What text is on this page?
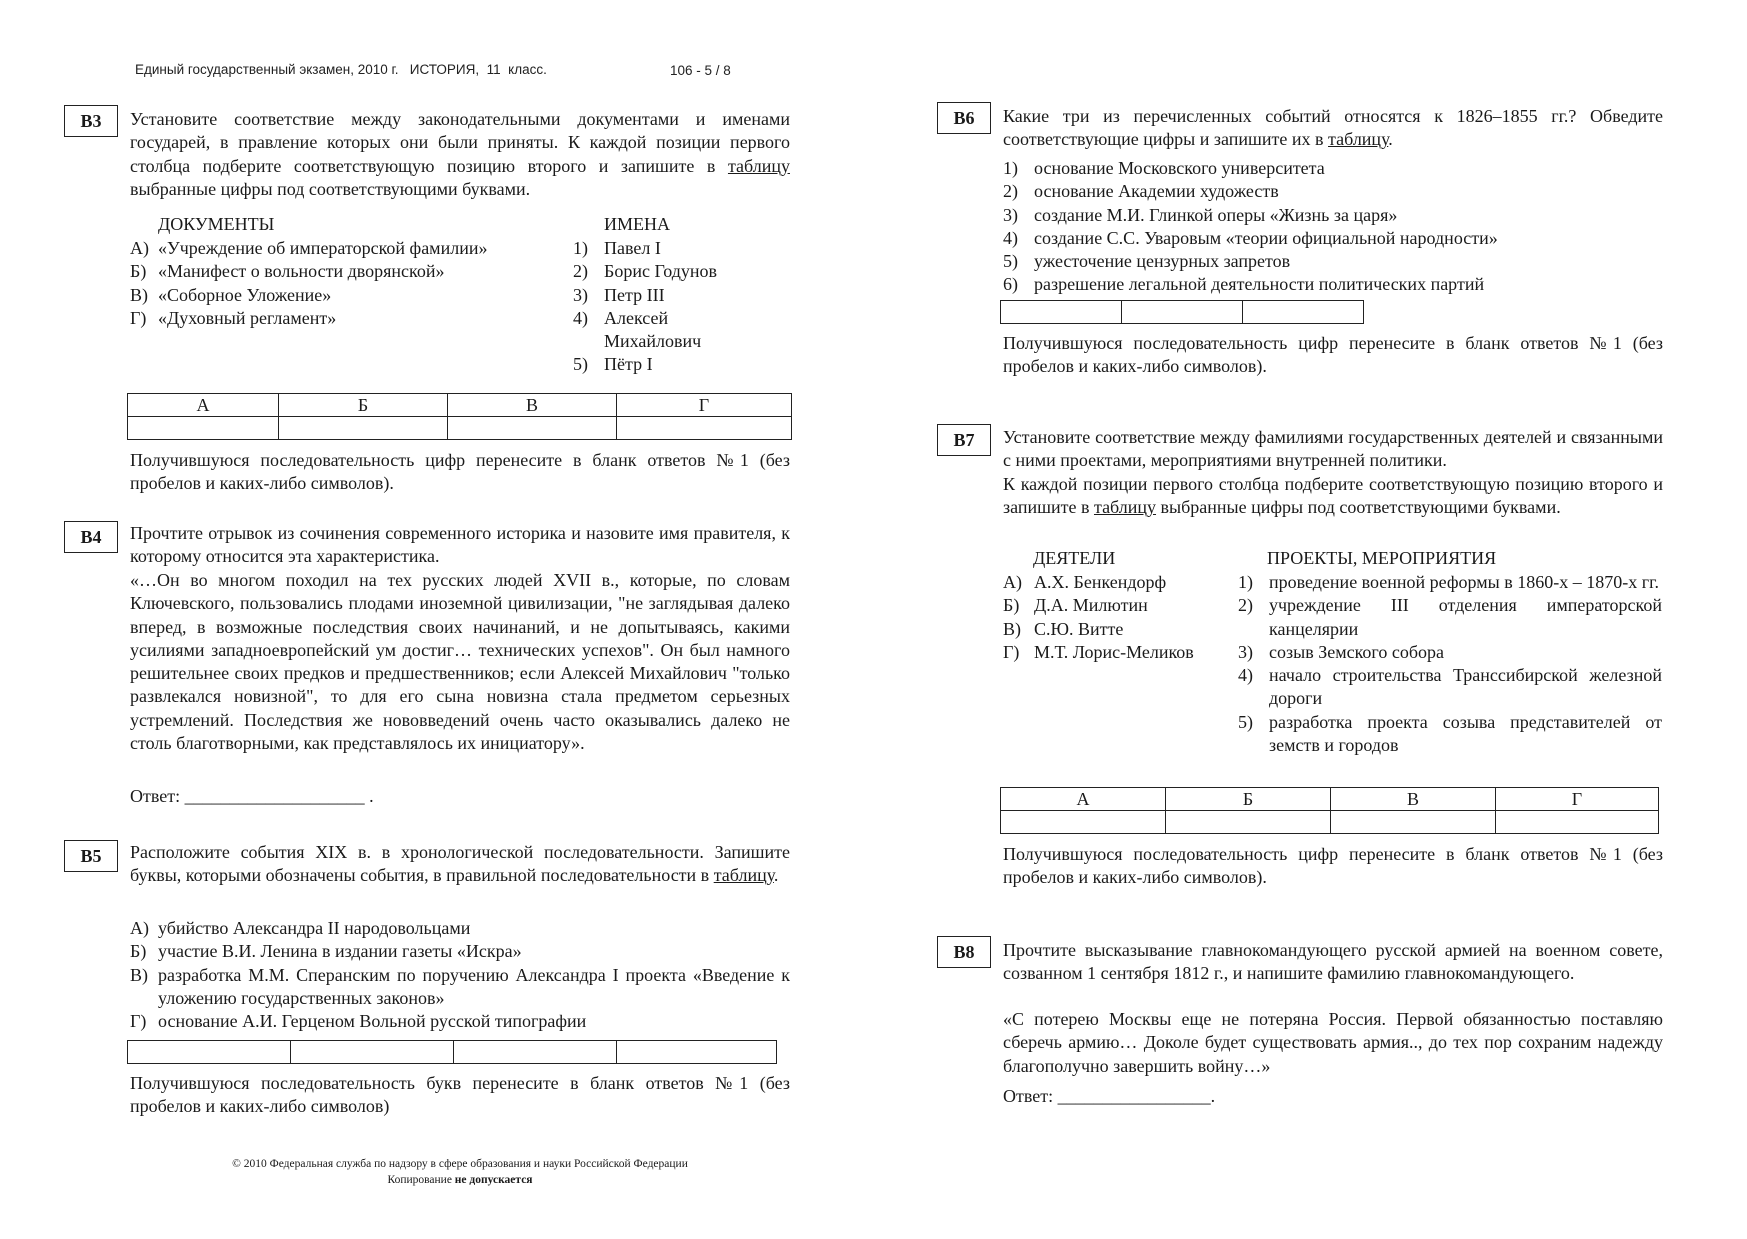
Единый государственный экзамен, 2010 г.   ИСТОРИЯ,  11  класс.	106 - 5 / 8
B3	Установите соответствие между законодательными документами и именами государей, в правление которых они были приняты. К каждой позиции первого столбца подберите соответствующую позицию второго и запишите в таблицу выбранные цифры под соответствующими буквами.
ДОКУМЕНТЫ	ИМЕНА
А) «Учреждение об императорской фамилии»
Б) «Манифест о вольности дворянской»
В) «Соборное Уложение»
Г) «Духовный регламент»
1) Павел I
2) Борис Годунов
3) Петр III
4) Алексей Михайлович
5) Пётр I
А	Б	В	Г

Получившуюся последовательность цифр перенесите в бланк ответов №1 (без пробелов и каких-либо символов).
B4	Прочтите отрывок из сочинения современного историка и назовите имя правителя, к которому относится эта характеристика.
«…Он во многом походил на тех русских людей XVII в., которые, по словам Ключевского, пользовались плодами иноземной цивилизации, "не заглядывая далеко вперед, в возможные последствия своих начинаний, и не допытываясь, какими усилиями западноевропейский ум достиг… технических успехов". Он был намного решительнее своих предков и предшественников; если Алексей Михайлович "только развлекался новизной", то для его сына новизна стала предметом серьезных устремлений. Последствия же нововведений очень часто оказывались далеко не столь благотворными, как представлялось их инициатору».
Ответ: ____________________ .
B5	Расположите события XIX в. в хронологической последовательности. Запишите буквы, которыми обозначены события, в правильной последовательности в таблицу.
А) убийство Александра II народовольцами
Б) участие В.И. Ленина в издании газеты «Искра»
В) разработка М.М. Сперанским по поручению Александра I проекта «Введение к уложению государственных законов»
Г) основание А.И. Герценом Вольной русской типографии

Получившуюся последовательность букв перенесите в бланк ответов №1 (без пробелов и каких-либо символов)
© 2010 Федеральная служба по надзору в сфере образования и науки Российской Федерации
Копирование не допускается
B6	Какие три из перечисленных событий относятся к 1826–1855 гг.? Обведите соответствующие цифры и запишите их в таблицу.
1) основание Московского университета
2) основание Академии художеств
3) создание М.И. Глинкой оперы «Жизнь за царя»
4) создание С.С. Уваровым «теории официальной народности»
5) ужесточение цензурных запретов
6) разрешение легальной деятельности политических партий

Получившуюся последовательность цифр перенесите в бланк ответов №1 (без пробелов и каких-либо символов).
B7	Установите соответствие между фамилиями государственных деятелей и связанными с ними проектами, мероприятиями внутренней политики.
К каждой позиции первого столбца подберите соответствующую позицию второго и запишите в таблицу выбранные цифры под соответствующими буквами.
ДЕЯТЕЛИ	ПРОЕКТЫ, МЕРОПРИЯТИЯ
А) А.Х. Бенкендорф
Б) Д.А. Милютин
В) С.Ю. Витте
Г) М.Т. Лорис-Меликов
1) проведение военной реформы в 1860-х – 1870-х гг.
2) учреждение III отделения императорской канцелярии
3) созыв Земского собора
4) начало строительства Транссибирской железной дороги
5) разработка проекта созыва представителей от земств и городов
А	Б	В	Г

Получившуюся последовательность цифр перенесите в бланк ответов №1 (без пробелов и каких-либо символов).
B8	Прочтите высказывание главнокомандующего русской армией на военном совете, созванном 1 сентября 1812 г., и напишите фамилию главнокомандующего.
«С потерею Москвы еще не потеряна Россия. Первой обязанностью поставляю сберечь армию… Доколе будет существовать армия.., до тех пор сохраним надежду благополучно завершить войну…»
Ответ: _________________.
